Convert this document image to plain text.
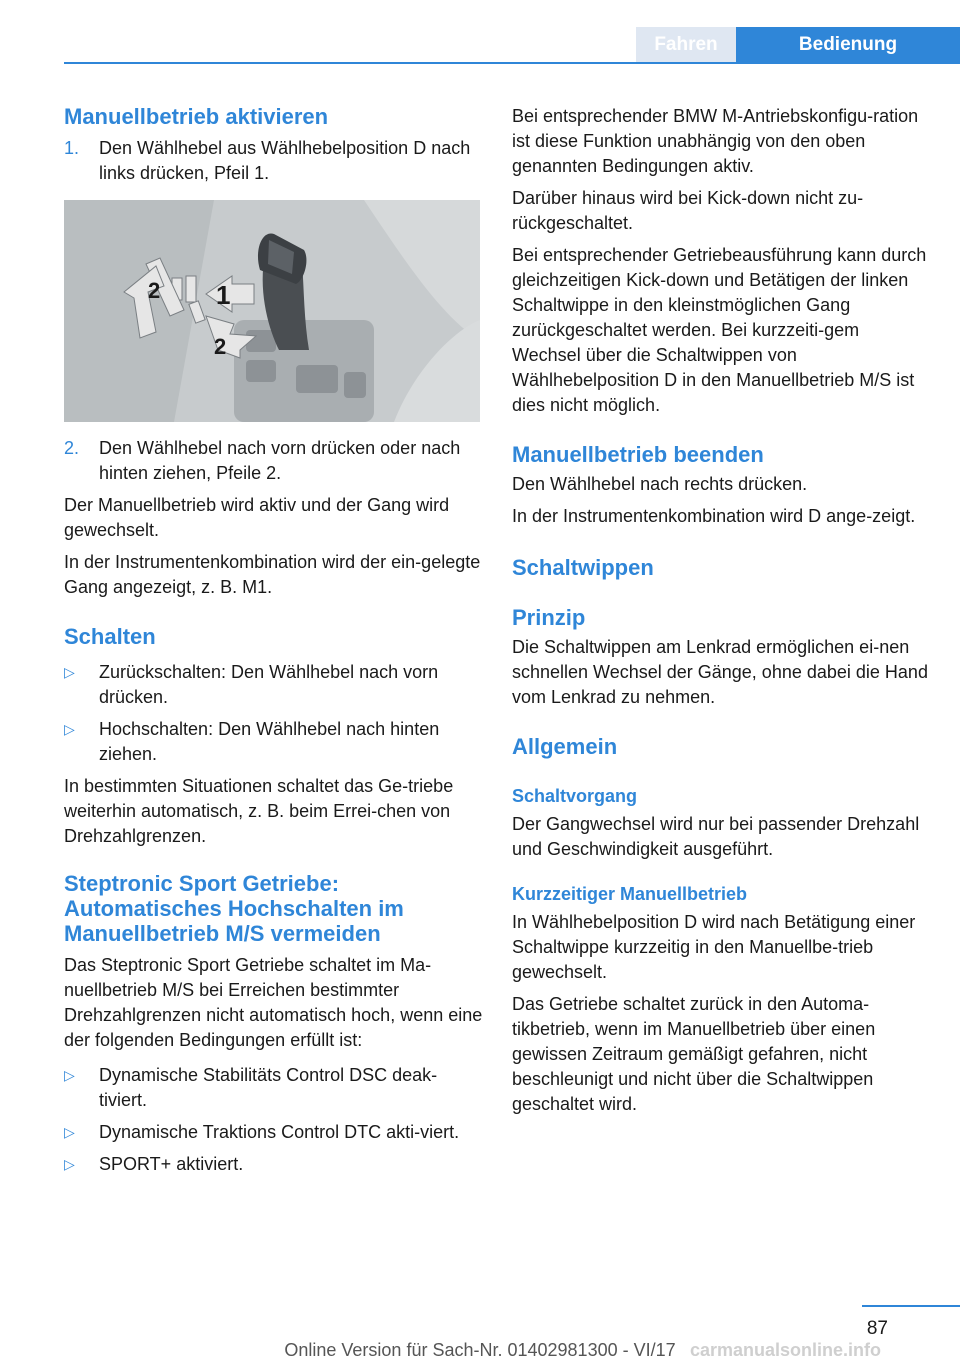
Fahren	Bedienung
Manuellbetrieb aktivieren
1.	Den Wählhebel aus Wählhebelposition D nach links drücken, Pfeil 1.
1
2
2
2.	Den Wählhebel nach vorn drücken oder nach hinten ziehen, Pfeile 2.

Der Manuellbetrieb wird aktiv und der Gang wird gewechselt.

In der Instrumentenkombination wird der ein-gelegte Gang angezeigt, z. B. M1.

Schalten
▷	Zurückschalten: Den Wählhebel nach vorn drücken.
▷	Hochschalten: Den Wählhebel nach hinten ziehen.

In bestimmten Situationen schaltet das Ge-triebe weiterhin automatisch, z. B. beim Errei-chen von Drehzahlgrenzen.

Steptronic Sport Getriebe: Automatisches Hochschalten im Manuellbetrieb M/S vermeiden

Das Steptronic Sport Getriebe schaltet im Ma-nuellbetrieb M/S bei Erreichen bestimmter Drehzahlgrenzen nicht automatisch hoch, wenn eine der folgenden Bedingungen erfüllt ist:

▷	Dynamische Stabilitäts Control DSC deak-tiviert.
▷	Dynamische Traktions Control DTC akti-viert.
▷	SPORT+ aktiviert.

Bei entsprechender BMW M-Antriebskonfigu-ration ist diese Funktion unabhängig von den oben genannten Bedingungen aktiv.

Darüber hinaus wird bei Kick-down nicht zu-rückgeschaltet.

Bei entsprechender Getriebeausführung kann durch gleichzeitigen Kick-down und Betätigen der linken Schaltwippe in den kleinstmöglichen Gang zurückgeschaltet werden. Bei kurzzeiti-gem Wechsel über die Schaltwippen von Wählhebelposition D in den Manuellbetrieb M/S ist dies nicht möglich.

Manuellbetrieb beenden

Den Wählhebel nach rechts drücken.

In der Instrumentenkombination wird D ange-zeigt.

Schaltwippen
Prinzip

Die Schaltwippen am Lenkrad ermöglichen ei-nen schnellen Wechsel der Gänge, ohne dabei die Hand vom Lenkrad zu nehmen.

Allgemein
Schaltvorgang

Der Gangwechsel wird nur bei passender Drehzahl und Geschwindigkeit ausgeführt.

Kurzzeitiger Manuellbetrieb

In Wählhebelposition D wird nach Betätigung einer Schaltwippe kurzzeitig in den Manuellbe-trieb gewechselt.

Das Getriebe schaltet zurück in den Automa-tikbetrieb, wenn im Manuellbetrieb über einen gewissen Zeitraum gemäßigt gefahren, nicht beschleunigt und nicht über die Schaltwippen geschaltet wird.

87
carmanualsonline.info
Online Version für Sach-Nr. 01402981300 - VI/17
